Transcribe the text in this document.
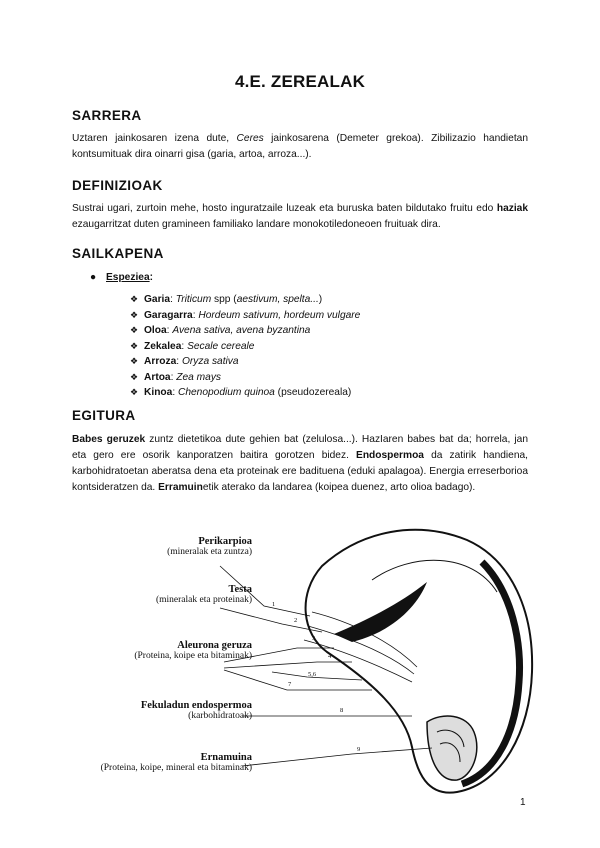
4.E. ZEREALAK
SARRERA

Uztaren jainkosaren izena dute, Ceres jainkosarena (Demeter grekoa). Zibilizazio handietan kontsumituak dira oinarri gisa (garia, artoa, arroza...).

DEFINIZIOAK

Sustrai ugari, zurtoin mehe, hosto inguratzaile luzeak eta buruska baten bildutako fruitu edo haziak ezaugarritzat duten gramineen familiako landare monokotiledoneoen fruituak dira.

SAILKAPENA
● Espeziea:
❖ Garia: Triticum spp (aestivum, spelta...)
❖ Garagarra: Hordeum sativum, hordeum vulgare
❖ Oloa: Avena sativa, avena byzantina
❖ Zekalea: Secale cereale
❖ Arroza: Oryza sativa
❖ Artoa: Zea mays
❖ Kinoa: Chenopodium quinoa (pseudozereala)
EGITURA

Babes geruzek zuntz dietetikoa dute gehien bat (zelulosa...). HazIaren babes bat da; horrela, jan eta gero ere osorik kanporatzen baitira gorotzen bidez. Endospermoa da zatirik handiena, karbohidratoetan aberatsa dena eta proteinak ere badituena (eduki apalagoa). Energia erreserborioa kontsideratzen da. Erramuinetik aterako da landarea (koipea duenez, arto olioa badago).

Perikarpioa
(mineralak eta zuntza)
Testa
(mineralak eta proteinak)
Aleurona geruza
(Proteina, koipe eta bitaminak)
Fekuladun endospermoa
(karbohidratoak)
Ernamuina
(Proteina, koipe, mineral eta bitaminak)
1
2
3
4
5,6
7
8
9
1
